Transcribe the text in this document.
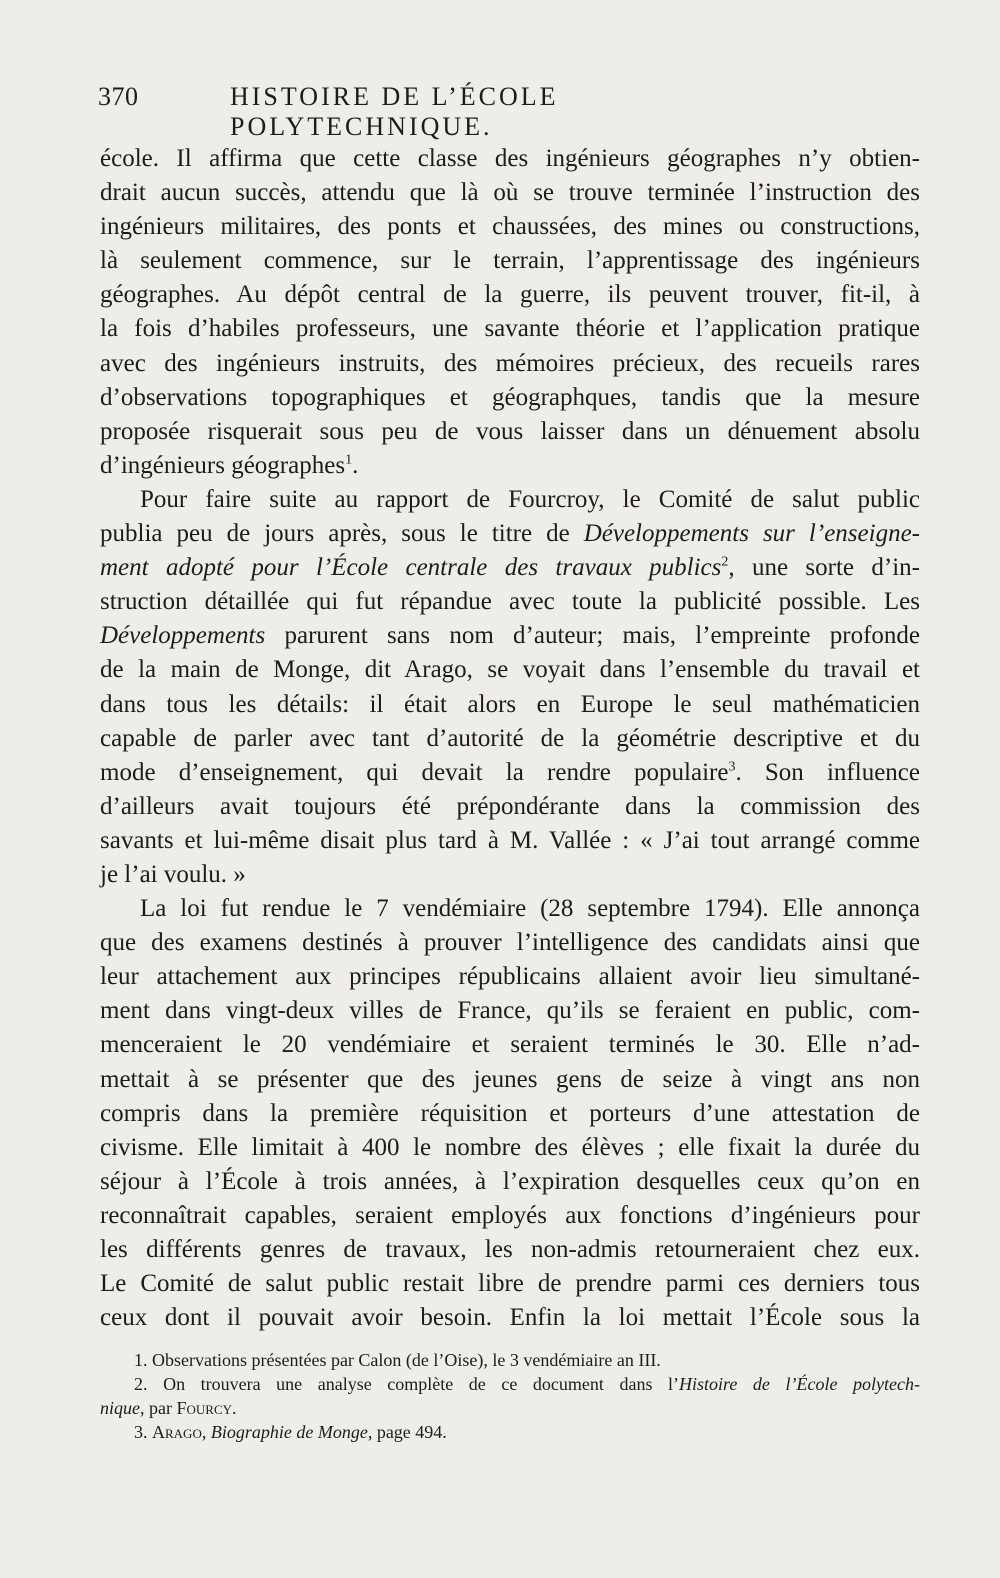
370	HISTOIRE DE L’ÉCOLE POLYTECHNIQUE.
école. Il affirma que cette classe des ingénieurs géographes n’y obtien-
drait aucun succès, attendu que là où se trouve terminée l’instruction des
ingénieurs militaires, des ponts et chaussées, des mines ou constructions,
là seulement commence, sur le terrain, l’apprentissage des ingénieurs
géographes. Au dépôt central de la guerre, ils peuvent trouver, fit-il, à
la fois d’habiles professeurs, une savante théorie et l’application pratique
avec des ingénieurs instruits, des mémoires précieux, des recueils rares
d’observations topographiques et géographques, tandis que la mesure
proposée risquerait sous peu de vous laisser dans un dénuement absolu
d’ingénieurs géographes$^1$.
Pour faire suite au rapport de Fourcroy, le Comité de salut public
publia peu de jours après, sous le titre de Développements sur l’enseigne-
ment adopté pour l’École centrale des travaux publics$^2$, une sorte d’in-
struction détaillée qui fut répandue avec toute la publicité possible. Les
Développements parurent sans nom d’auteur; mais, l’empreinte profonde
de la main de Monge, dit Arago, se voyait dans l’ensemble du travail et
dans tous les détails: il était alors en Europe le seul mathématicien
capable de parler avec tant d’autorité de la géométrie descriptive et du
mode d’enseignement, qui devait la rendre populaire$^3$. Son influence
d’ailleurs avait toujours été prépondérante dans la commission des
savants et lui-même disait plus tard à M. Vallée : « J’ai tout arrangé comme
je l’ai voulu. »
La loi fut rendue le 7 vendémiaire (28 septembre 1794). Elle annonça
que des examens destinés à prouver l’intelligence des candidats ainsi que
leur attachement aux principes républicains allaient avoir lieu simultané-
ment dans vingt-deux villes de France, qu’ils se feraient en public, com-
menceraient le 20 vendémiaire et seraient terminés le 30. Elle n’ad-
mettait à se présenter que des jeunes gens de seize à vingt ans non
compris dans la première réquisition et porteurs d’une attestation de
civisme. Elle limitait à 400 le nombre des élèves ; elle fixait la durée du
séjour à l’École à trois années, à l’expiration desquelles ceux qu’on en
reconnaîtrait capables, seraient employés aux fonctions d’ingénieurs pour
les différents genres de travaux, les non-admis retourneraient chez eux.
Le Comité de salut public restait libre de prendre parmi ces derniers tous
ceux dont il pouvait avoir besoin. Enfin la loi mettait l’École sous la
1. Observations présentées par Calon (de l’Oise), le 3 vendémiaire an III.
2. On trouvera une analyse complète de ce document dans l’Histoire de l’École polytech-
nique, par Fourcy.
3. Arago, Biographie de Monge, page 494.
